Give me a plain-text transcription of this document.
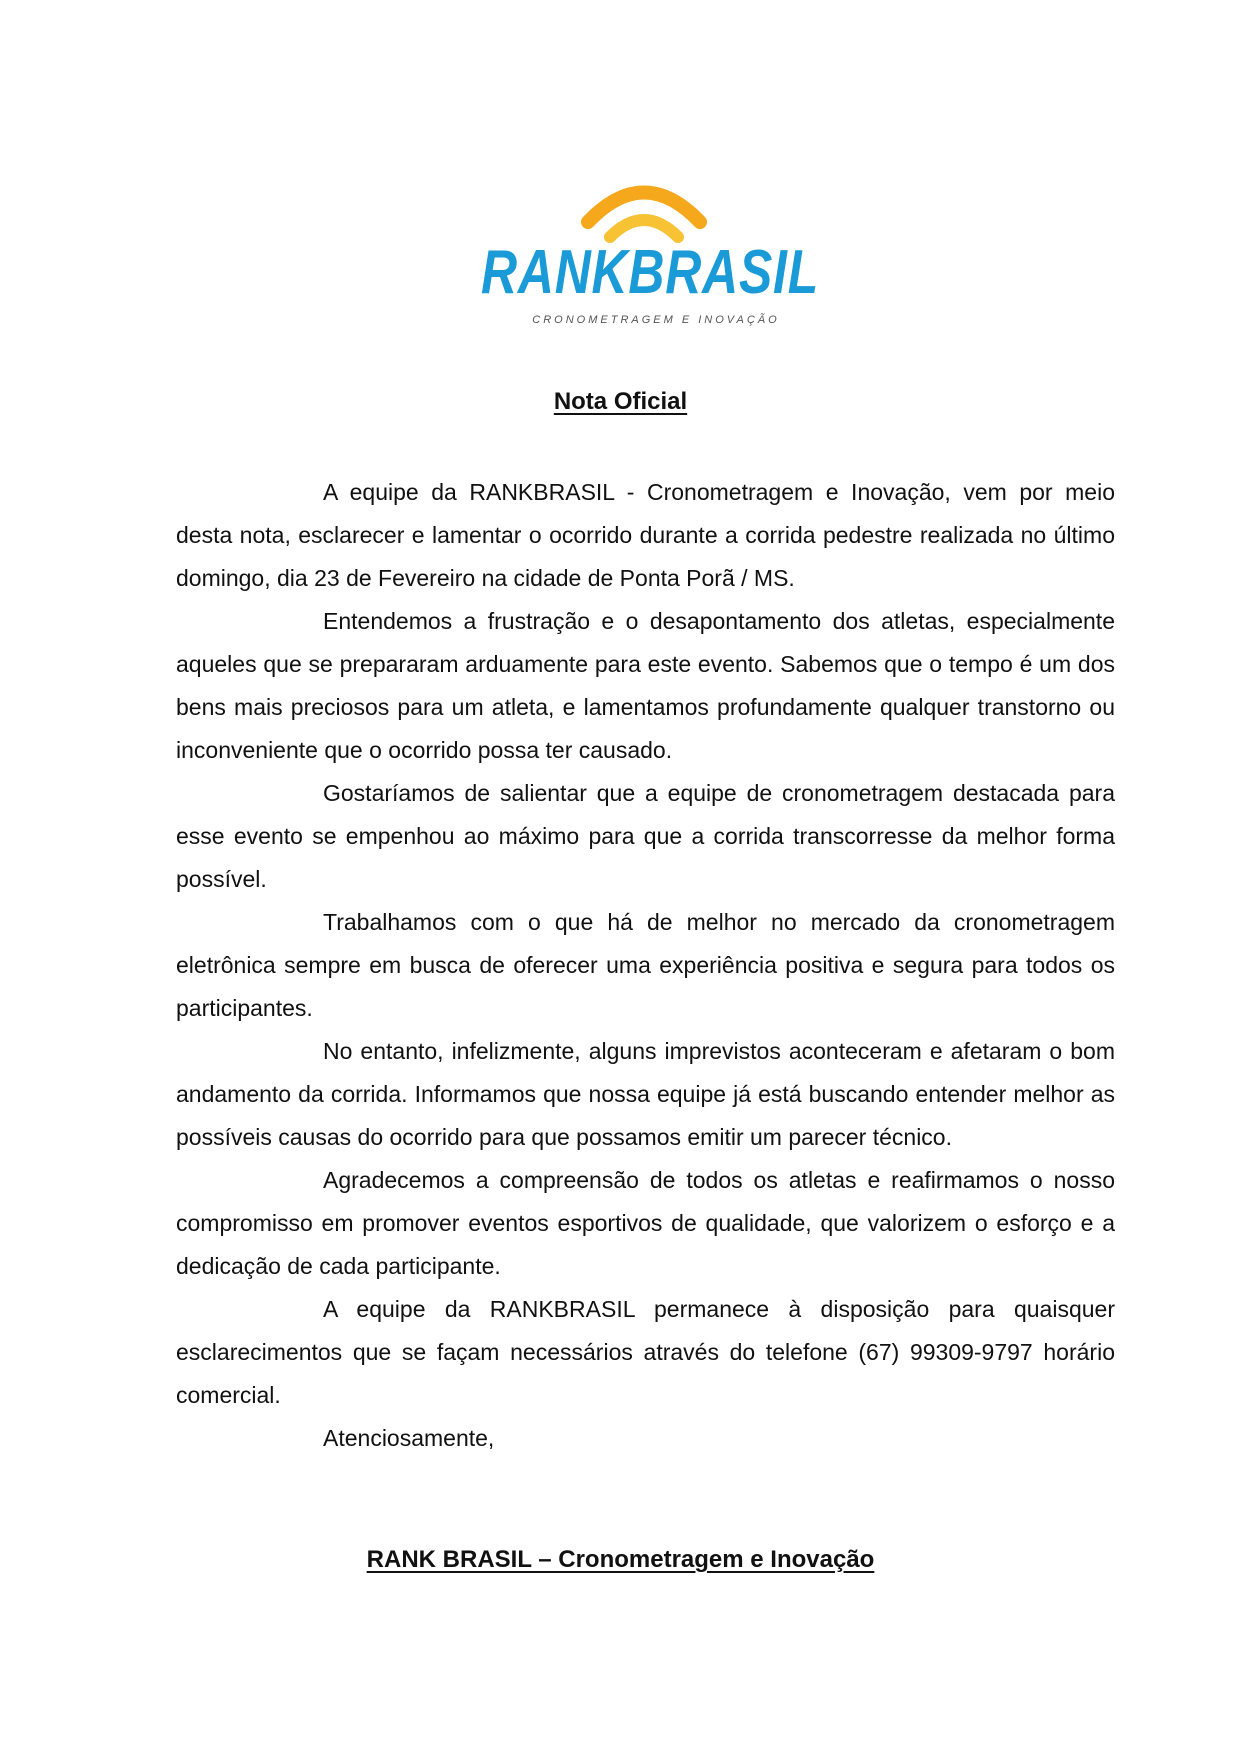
RANKBRASIL
CRONOMETRAGEM E INOVAÇÃO
Nota Oficial

A equipe da RANKBRASIL - Cronometragem e Inovação, vem por meio desta nota, esclarecer e lamentar o ocorrido durante a corrida pedestre realizada no último domingo, dia 23 de Fevereiro na cidade de Ponta Porã / MS.

Entendemos a frustração e o desapontamento dos atletas, especialmente aqueles que se prepararam arduamente para este evento. Sabemos que o tempo é um dos bens mais preciosos para um atleta, e lamentamos profundamente qualquer transtorno ou inconveniente que o ocorrido possa ter causado.

Gostaríamos de salientar que a equipe de cronometragem destacada para esse evento se empenhou ao máximo para que a corrida transcorresse da melhor forma possível.

Trabalhamos com o que há de melhor no mercado da cronometragem eletrônica sempre em busca de oferecer uma experiência positiva e segura para todos os participantes.

No entanto, infelizmente, alguns imprevistos aconteceram e afetaram o bom andamento da corrida. Informamos que nossa equipe já está buscando entender melhor as possíveis causas do ocorrido para que possamos emitir um parecer técnico.

Agradecemos a compreensão de todos os atletas e reafirmamos o nosso compromisso em promover eventos esportivos de qualidade, que valorizem o esforço e a dedicação de cada participante.

A equipe da RANKBRASIL permanece à disposição para quaisquer esclarecimentos que se façam necessários através do telefone (67) 99309-9797 horário comercial.

Atenciosamente,

RANK BRASIL – Cronometragem e Inovação
